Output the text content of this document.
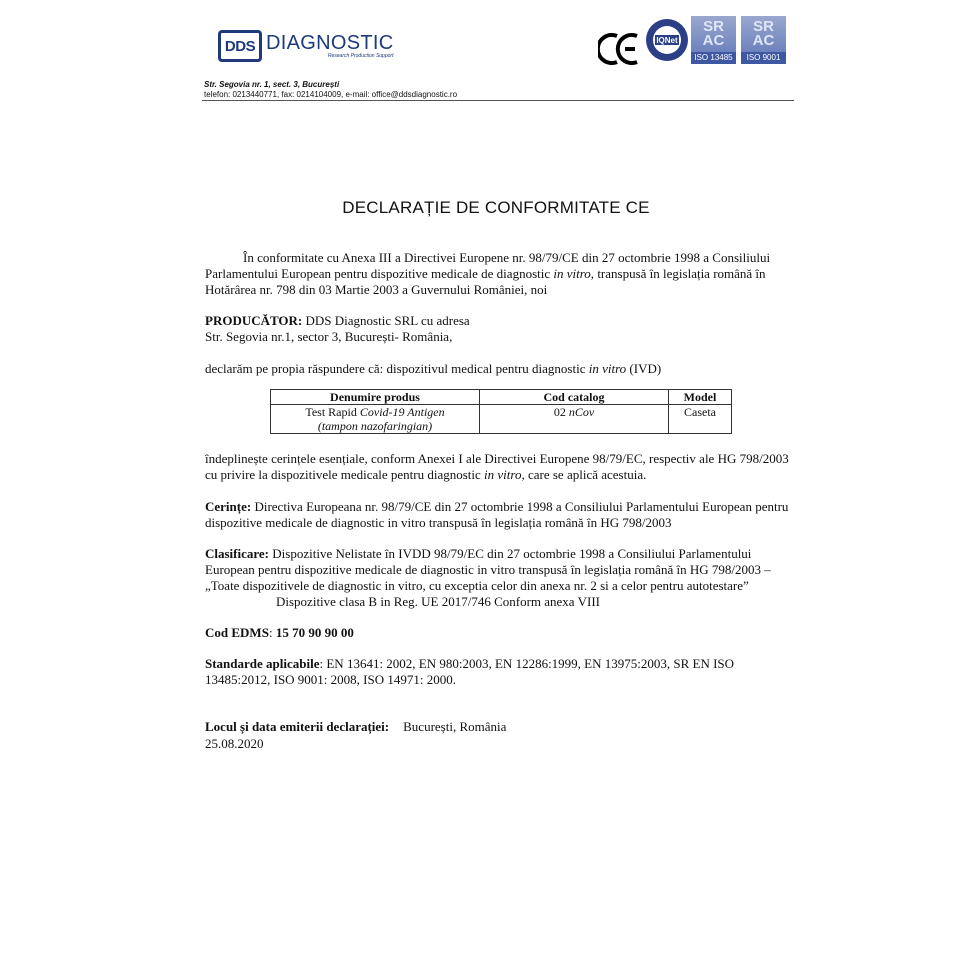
DDS DIAGNOSTIC
Research Production Support
IQNet
SR
AC
ISO 13485
SR
AC
ISO 9001
Str. Segovia nr. 1, sect. 3, București
telefon: 0213440771, fax: 0214104009, e-mail: office@ddsdiagnostic.ro
DECLARAȚIE DE CONFORMITATE CE
În conformitate cu Anexa III a Directivei Europene nr. 98/79/CE din 27 octombrie 1998 a Consiliului Parlamentului European pentru dispozitive medicale de diagnostic in vitro, transpusă în legislația română în Hotărârea nr. 798 din 03 Martie 2003 a Guvernului României, noi
PRODUCĂTOR: DDS Diagnostic SRL cu adresa
Str. Segovia nr.1, sector 3, București- România,
declarăm pe propia răspundere că: dispozitivul medical pentru diagnostic in vitro (IVD)
Denumire produs	Cod catalog	Model
Test Rapid Covid-19 Antigen
(tampon nazofaringian)	02 nCov	Caseta
îndeplinește cerințele esențiale, conform Anexei I ale Directivei Europene 98/79/EC, respectiv ale HG 798/2003 cu privire la dispozitivele medicale pentru diagnostic in vitro, care se aplică acestuia.
Cerințe: Directiva Europeana nr. 98/79/CE din 27 octombrie 1998 a Consiliului Parlamentului European pentru dispozitive medicale de diagnostic in vitro transpusă în legislația română în HG 798/2003
Clasificare: Dispozitive Nelistate în IVDD 98/79/EC din 27 octombrie 1998 a Consiliului Parlamentului European pentru dispozitive medicale de diagnostic in vitro transpusă în legislația română în HG 798/2003 – „Toate dispozitivele de diagnostic in vitro, cu exceptia celor din anexa nr. 2 si a celor pentru autotestare”
Dispozitive clasa B in Reg. UE 2017/746 Conform anexa VIII
Cod EDMS: 15 70 90 90 00
Standarde aplicabile: EN 13641: 2002, EN 980:2003, EN 12286:1999, EN 13975:2003, SR EN ISO 13485:2012, ISO 9001: 2008, ISO 14971: 2000.
Locul și data emiterii declarației: București, România
25.08.2020
